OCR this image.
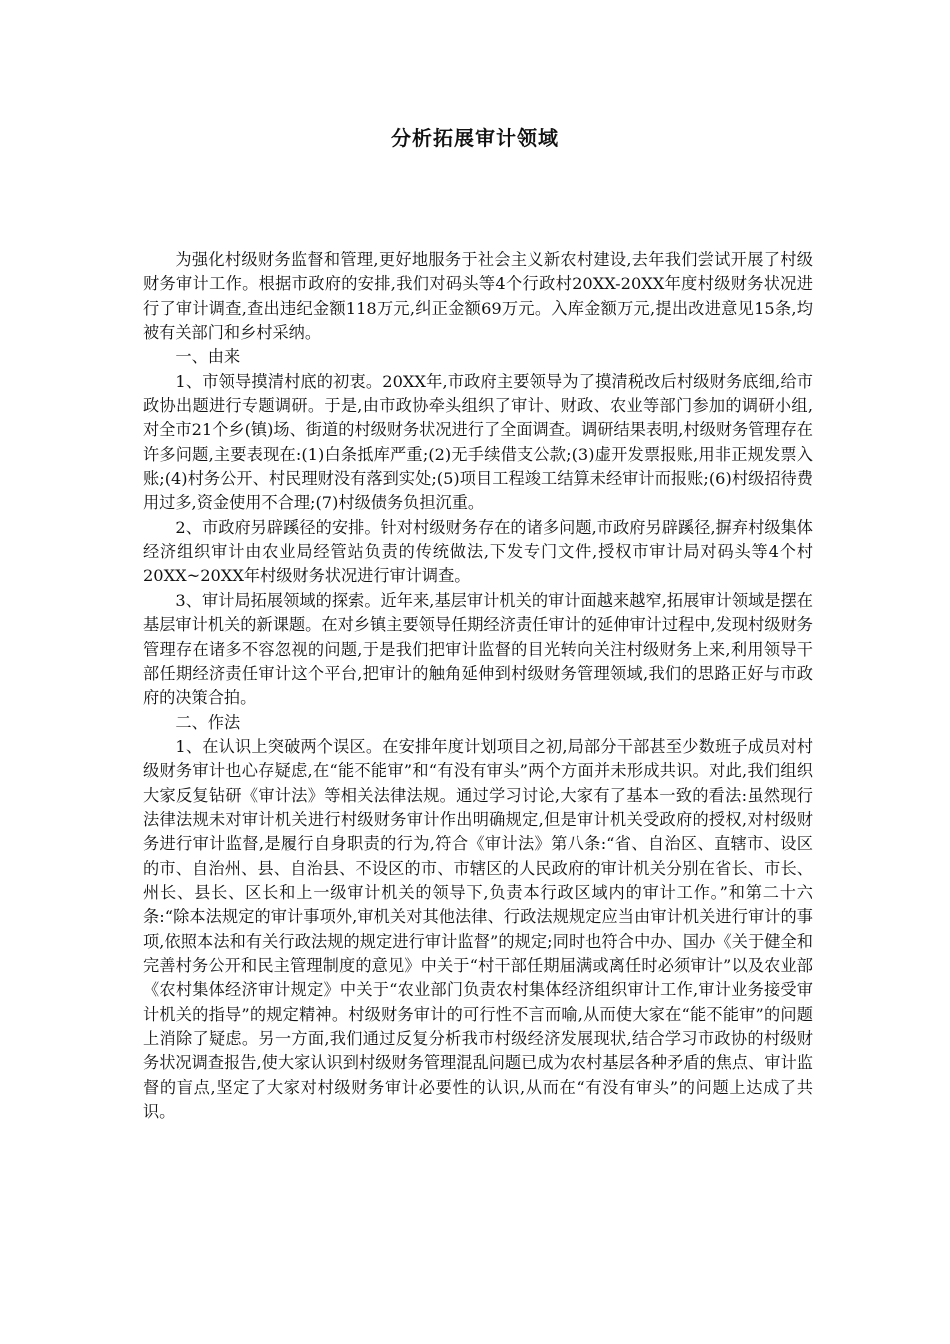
分析拓展审计领域

为强化村级财务监督和管理,更好地服务于社会主义新农村建设,去年我们尝试开展了村级财务审计工作。根据市政府的安排,我们对码头等4个行政村20XX-20XX年度村级财务状况进行了审计调查,查出违纪金额118万元,纠正金额69万元。入库金额万元,提出改进意见15条,均被有关部门和乡村采纳。

一、由来

1、市领导摸清村底的初衷。20XX年,市政府主要领导为了摸清税改后村级财务底细,给市政协出题进行专题调研。于是,由市政协牵头组织了审计、财政、农业等部门参加的调研小组,对全市21个乡(镇)场、街道的村级财务状况进行了全面调查。调研结果表明,村级财务管理存在许多问题,主要表现在:(1)白条抵库严重;(2)无手续借支公款;(3)虚开发票报账,用非正规发票入账;(4)村务公开、村民理财没有落到实处;(5)项目工程竣工结算未经审计而报账;(6)村级招待费用过多,资金使用不合理;(7)村级债务负担沉重。

2、市政府另辟蹊径的安排。针对村级财务存在的诸多问题,市政府另辟蹊径,摒弃村级集体经济组织审计由农业局经管站负责的传统做法,下发专门文件,授权市审计局对码头等4个村20XX~20XX年村级财务状况进行审计调查。

3、审计局拓展领域的探索。近年来,基层审计机关的审计面越来越窄,拓展审计领域是摆在基层审计机关的新课题。在对乡镇主要领导任期经济责任审计的延伸审计过程中,发现村级财务管理存在诸多不容忽视的问题,于是我们把审计监督的目光转向关注村级财务上来,利用领导干部任期经济责任审计这个平台,把审计的触角延伸到村级财务管理领域,我们的思路正好与市政府的决策合拍。

二、作法

1、在认识上突破两个误区。在安排年度计划项目之初,局部分干部甚至少数班子成员对村级财务审计也心存疑虑,在“能不能审”和“有没有审头”两个方面并未形成共识。对此,我们组织大家反复钻研《审计法》等相关法律法规。通过学习讨论,大家有了基本一致的看法:虽然现行法律法规未对审计机关进行村级财务审计作出明确规定,但是审计机关受政府的授权,对村级财务进行审计监督,是履行自身职责的行为,符合《审计法》第八条:“省、自治区、直辖市、设区的市、自治州、县、自治县、不设区的市、市辖区的人民政府的审计机关分别在省长、市长、州长、县长、区长和上一级审计机关的领导下,负责本行政区域内的审计工作。”和第二十六条:“除本法规定的审计事项外,审机关对其他法律、行政法规规定应当由审计机关进行审计的事项,依照本法和有关行政法规的规定进行审计监督”的规定;同时也符合中办、国办《关于健全和完善村务公开和民主管理制度的意见》中关于“村干部任期届满或离任时必须审计”以及农业部《农村集体经济审计规定》中关于“农业部门负责农村集体经济组织审计工作,审计业务接受审计机关的指导”的规定精神。村级财务审计的可行性不言而喻,从而使大家在“能不能审”的问题上消除了疑虑。另一方面,我们通过反复分析我市村级经济发展现状,结合学习市政协的村级财务状况调查报告,使大家认识到村级财务管理混乱问题已成为农村基层各种矛盾的焦点、审计监督的盲点,坚定了大家对村级财务审计必要性的认识,从而在“有没有审头”的问题上达成了共识。
